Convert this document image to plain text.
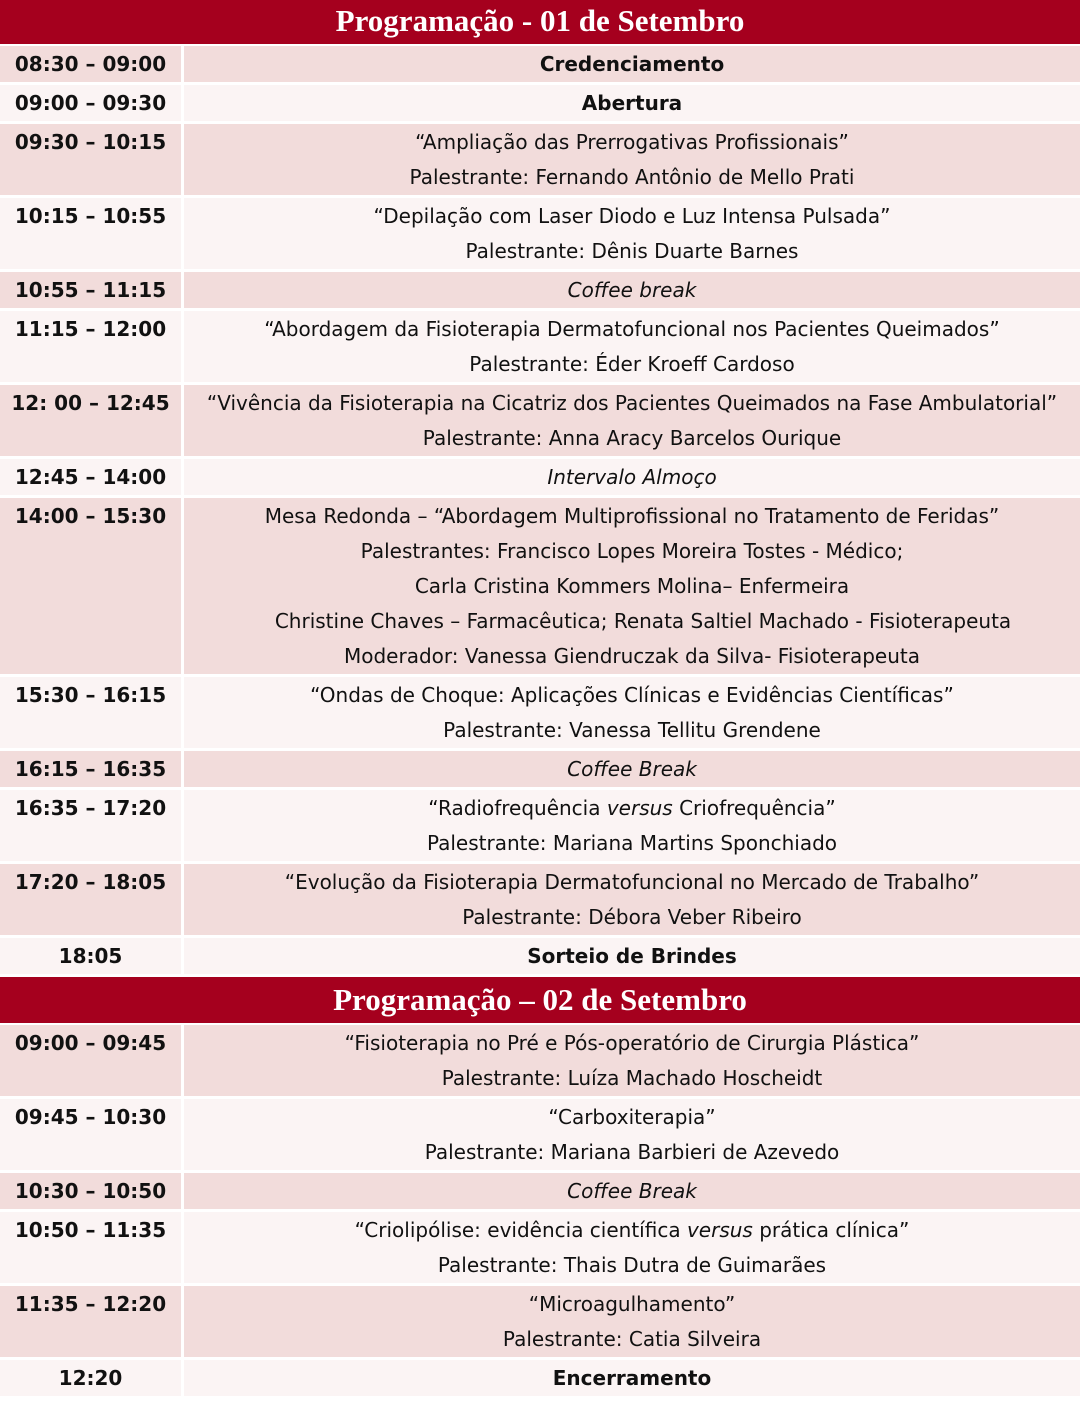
Programação - 01 de Setembro
08:30 – 09:00	Credenciamento
09:00 – 09:30	Abertura
09:30 – 10:15	“Ampliação das Prerrogativas Profissionais”
Palestrante: Fernando Antônio de Mello Prati
10:15 – 10:55	“Depilação com Laser Diodo e Luz Intensa Pulsada”
Palestrante: Dênis Duarte Barnes
10:55 – 11:15	Coffee break
11:15 – 12:00	“Abordagem da Fisioterapia Dermatofuncional nos Pacientes Queimados”
Palestrante: Éder Kroeff Cardoso
12: 00 – 12:45	“Vivência da Fisioterapia na Cicatriz dos Pacientes Queimados na Fase Ambulatorial”
Palestrante: Anna Aracy Barcelos Ourique
12:45 – 14:00	Intervalo Almoço
14:00 – 15:30	Mesa Redonda – “Abordagem Multiprofissional no Tratamento de Feridas”
Palestrantes: Francisco Lopes Moreira Tostes - Médico;
Carla Cristina Kommers Molina– Enfermeira
Christine Chaves – Farmacêutica; Renata Saltiel Machado - Fisioterapeuta
Moderador: Vanessa Giendruczak da Silva- Fisioterapeuta
15:30 – 16:15	“Ondas de Choque: Aplicações Clínicas e Evidências Científicas”
Palestrante: Vanessa Tellitu Grendene
16:15 – 16:35	Coffee Break
16:35 – 17:20	“Radiofrequência versus Criofrequência”
Palestrante: Mariana Martins Sponchiado
17:20 – 18:05	“Evolução da Fisioterapia Dermatofuncional no Mercado de Trabalho”
Palestrante: Débora Veber Ribeiro
18:05	Sorteio de Brindes
Programação – 02 de Setembro
09:00 – 09:45	“Fisioterapia no Pré e Pós-operatório de Cirurgia Plástica”
Palestrante: Luíza Machado Hoscheidt
09:45 – 10:30	“Carboxiterapia”
Palestrante: Mariana Barbieri de Azevedo
10:30 – 10:50	Coffee Break
10:50 – 11:35	“Criolipólise: evidência científica versus prática clínica”
Palestrante: Thais Dutra de Guimarães
11:35 – 12:20	“Microagulhamento”
Palestrante: Catia Silveira
12:20	Encerramento
